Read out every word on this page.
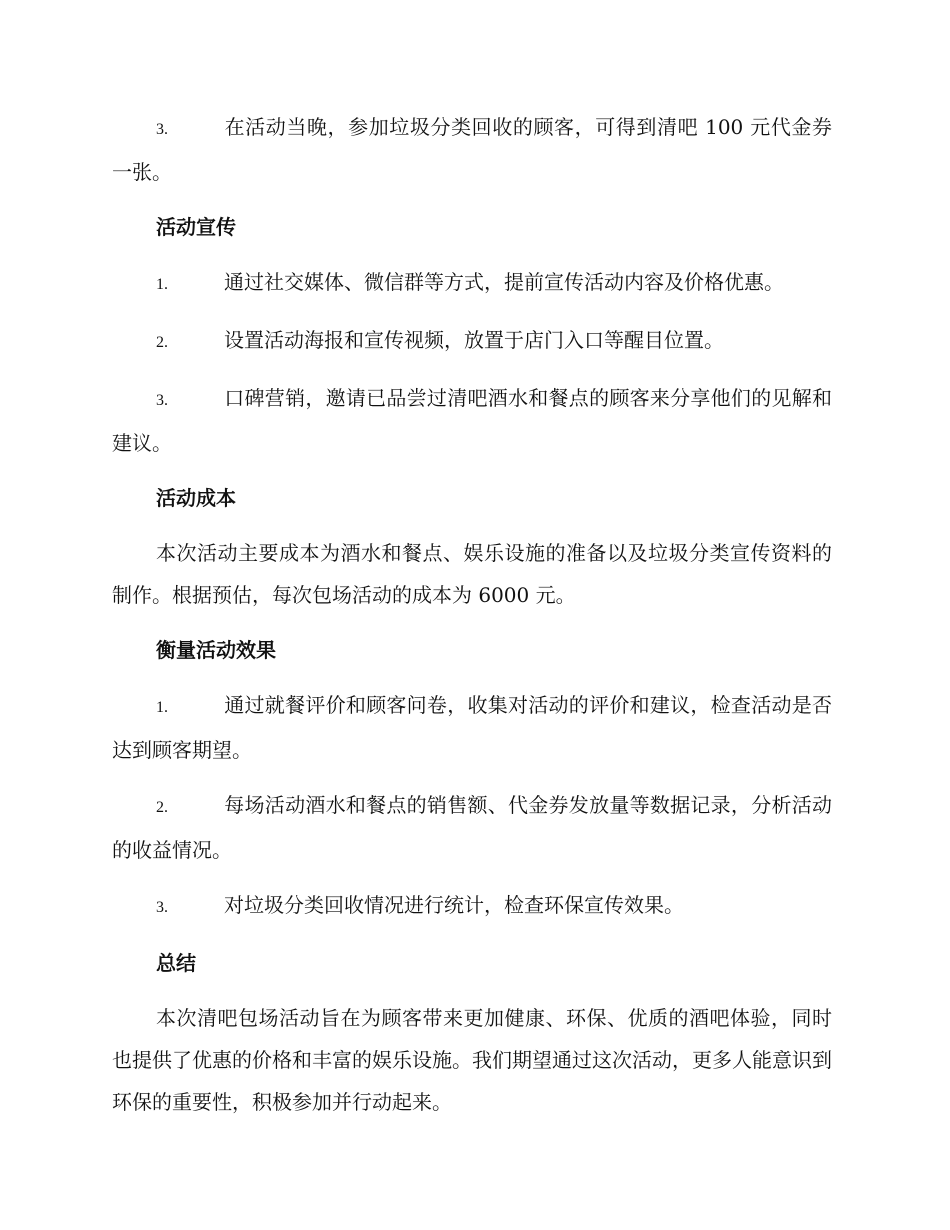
3.	在活动当晚，参加垃圾分类回收的顾客，可得到清吧 100 元代金券一张。

活动宣传

1.	通过社交媒体、微信群等方式，提前宣传活动内容及价格优惠。

2.	设置活动海报和宣传视频，放置于店门入口等醒目位置。

3.	口碑营销，邀请已品尝过清吧酒水和餐点的顾客来分享他们的见解和建议。

活动成本

本次活动主要成本为酒水和餐点、娱乐设施的准备以及垃圾分类宣传资料的制作。根据预估，每次包场活动的成本为 6000 元。

衡量活动效果

1.	通过就餐评价和顾客问卷，收集对活动的评价和建议，检查活动是否达到顾客期望。

2.	每场活动酒水和餐点的销售额、代金券发放量等数据记录，分析活动的收益情况。

3.	对垃圾分类回收情况进行统计，检查环保宣传效果。

总结

本次清吧包场活动旨在为顾客带来更加健康、环保、优质的酒吧体验，同时也提供了优惠的价格和丰富的娱乐设施。我们期望通过这次活动，更多人能意识到环保的重要性，积极参加并行动起来。
